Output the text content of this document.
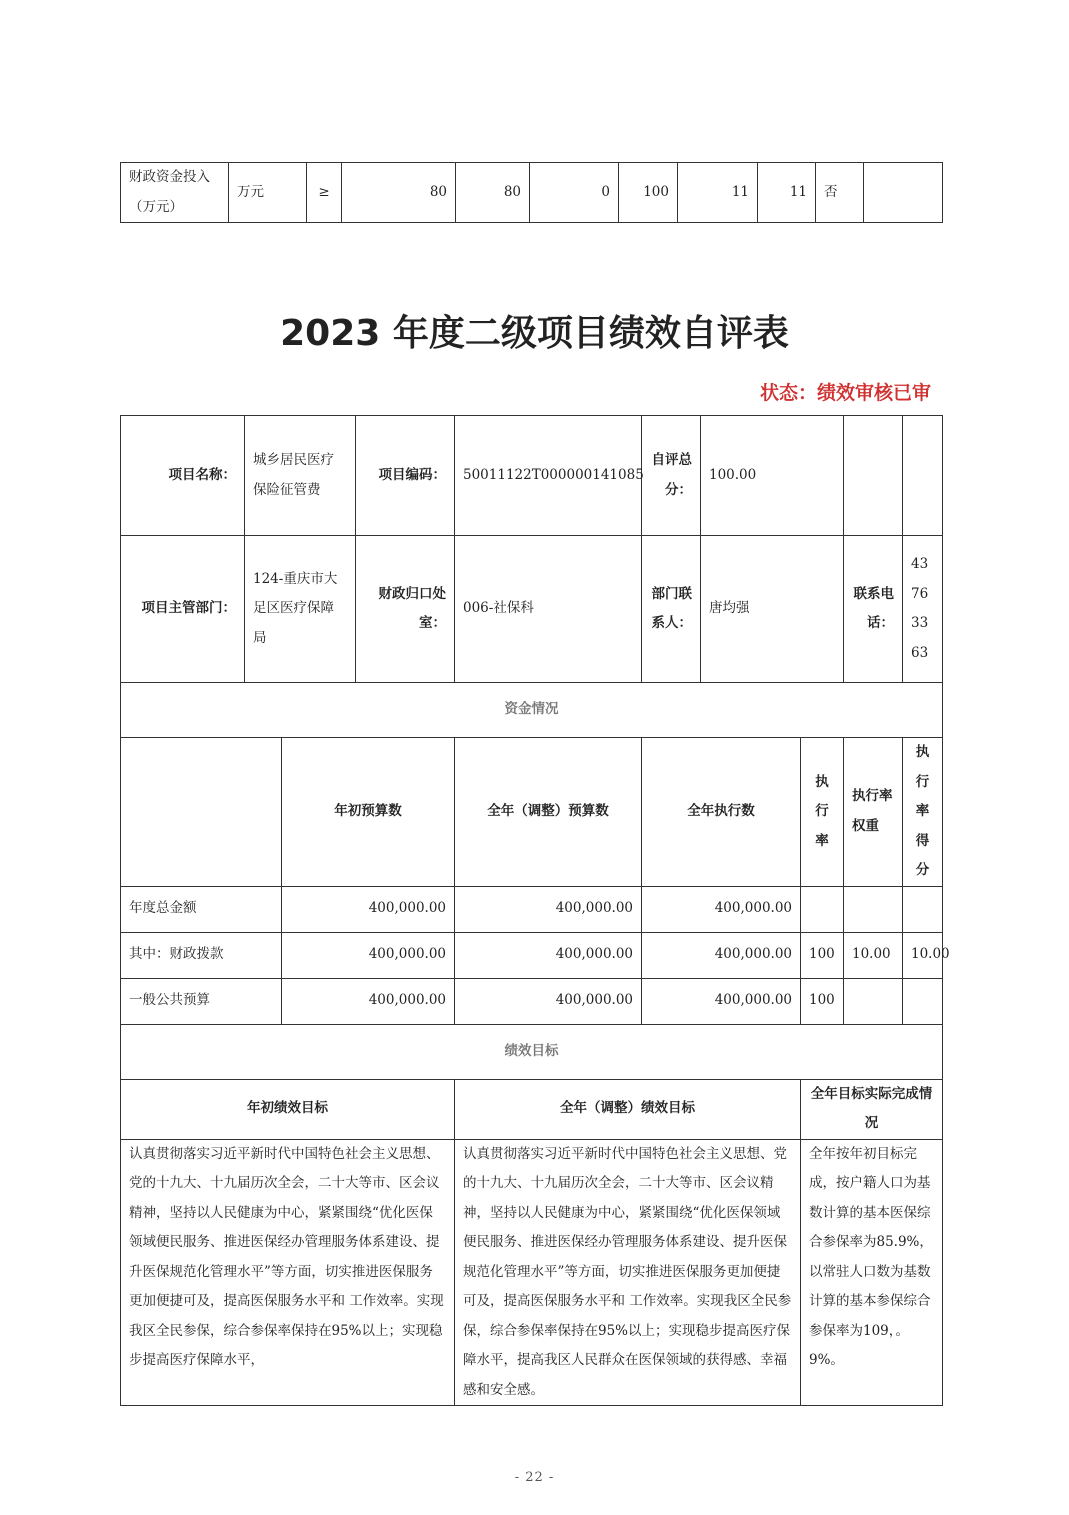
财政资金投入（万元）	万元	≥	80	80	0	100	11	11	否	
2023 年度二级项目绩效自评表
状态：绩效审核已审
项目名称：	城乡居民医疗保险征管费		项目编码：	50011122T000000141085	自评总分：	100.00			
项目主管部门：	124-重庆市大足区医疗保障局		财政归口处室：	006-社保科	部门联系人：	唐均强		联系电话：	43763363
资金情况									
		年初预算数		全年（调整）预算数	全年执行数		执行率	执行率权重	执行率得分
年度总金额		400,000.00		400,000.00	400,000.00				
其中：财政拨款		400,000.00		400,000.00	400,000.00		100	10.00	10.00
一般公共预算		400,000.00		400,000.00	400,000.00		100		
绩效目标									
年初绩效目标				全年（调整）绩效目标			全年目标实际完成情况		
认真贯彻落实习近平新时代中国特色社会主义思想、党的十九大、十九届历次全会，二十大等市、区会议精神，坚持以人民健康为中心，紧紧围绕“优化医保领域便民服务、推进医保经办管理服务体系建设、提升医保规范化管理水平”等方面，切实推进医保服务更加便捷可及，提高医保服务水平和 工作效率。实现我区全民参保，综合参保率保持在95%以上；实现稳步提高医疗保障水平，				认真贯彻落实习近平新时代中国特色社会主义思想、党的十九大、十九届历次全会，二十大等市、区会议精神，坚持以人民健康为中心，紧紧围绕“优化医保领域便民服务、推进医保经办管理服务体系建设、提升医保规范化管理水平”等方面，切实推进医保服务更加便捷可及，提高医保服务水平和 工作效率。实现我区全民参保，综合参保率保持在95%以上；实现稳步提高医疗保障水平，提高我区人民群众在医保领域的获得感、幸福感和安全感。			全年按年初目标完成，按户籍人口为基数计算的基本医保综合参保率为85.9%，以常驻人口数为基数计算的基本参保综合参保率为109，。9%。		
- 22 -
